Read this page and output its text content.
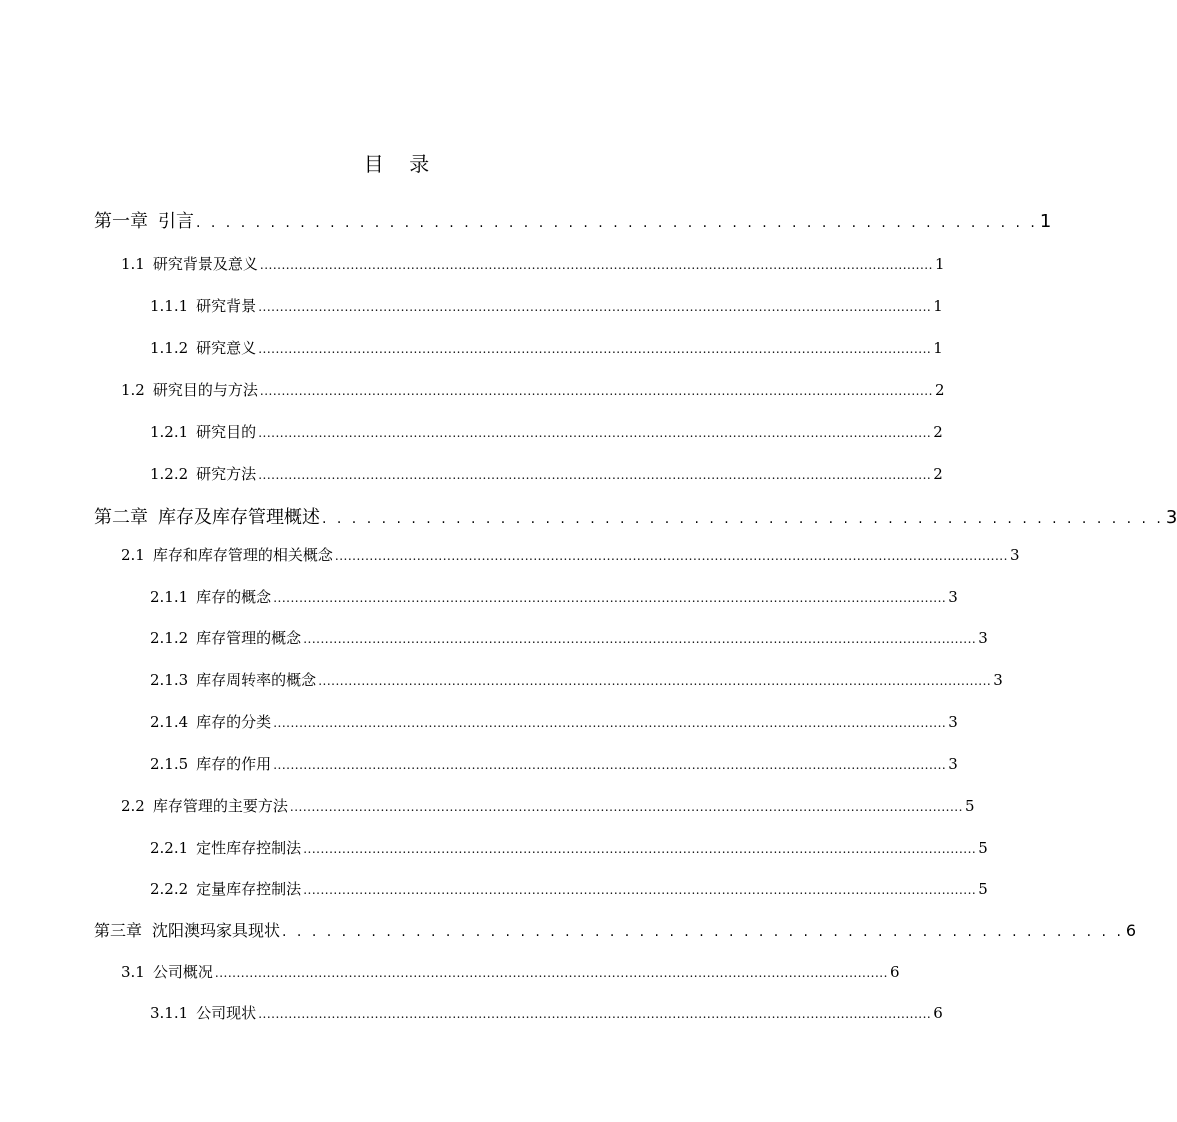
目    录
第一章 引言 . . . . . . . . . . . . . . . . . . . . . . . . . . . . . . . . . . . . . . . . . . . . . . . . . . . . . . . . . 1
1.1 研究背景及意义 ............................................................................................................................................................ 1
1.1.1 研究背景 ............................................................................................................................................................ 1
1.1.2 研究意义 ............................................................................................................................................................ 1
1.2 研究目的与方法 ............................................................................................................................................................ 2
1.2.1 研究目的 ............................................................................................................................................................ 2
1.2.2 研究方法 ............................................................................................................................................................ 2
第二章 库存及库存管理概述 . . . . . . . . . . . . . . . . . . . . . . . . . . . . . . . . . . . . . . . . . . . . . . . . . . . . . . . . . 3
2.1 库存和库存管理的相关概念 ............................................................................................................................................................ 3
2.1.1 库存的概念 ............................................................................................................................................................ 3
2.1.2 库存管理的概念 ............................................................................................................................................................ 3
2.1.3 库存周转率的概念 ............................................................................................................................................................ 3
2.1.4 库存的分类 ............................................................................................................................................................ 3
2.1.5 库存的作用 ............................................................................................................................................................ 3
2.2 库存管理的主要方法 ............................................................................................................................................................ 5
2.2.1 定性库存控制法 ............................................................................................................................................................ 5
2.2.2 定量库存控制法 ............................................................................................................................................................ 5
第三章 沈阳澳玛家具现状 . . . . . . . . . . . . . . . . . . . . . . . . . . . . . . . . . . . . . . . . . . . . . . . . . . . . . . . . . 6
3.1 公司概况 ............................................................................................................................................................ 6
3.1.1 公司现状 ............................................................................................................................................................ 6
